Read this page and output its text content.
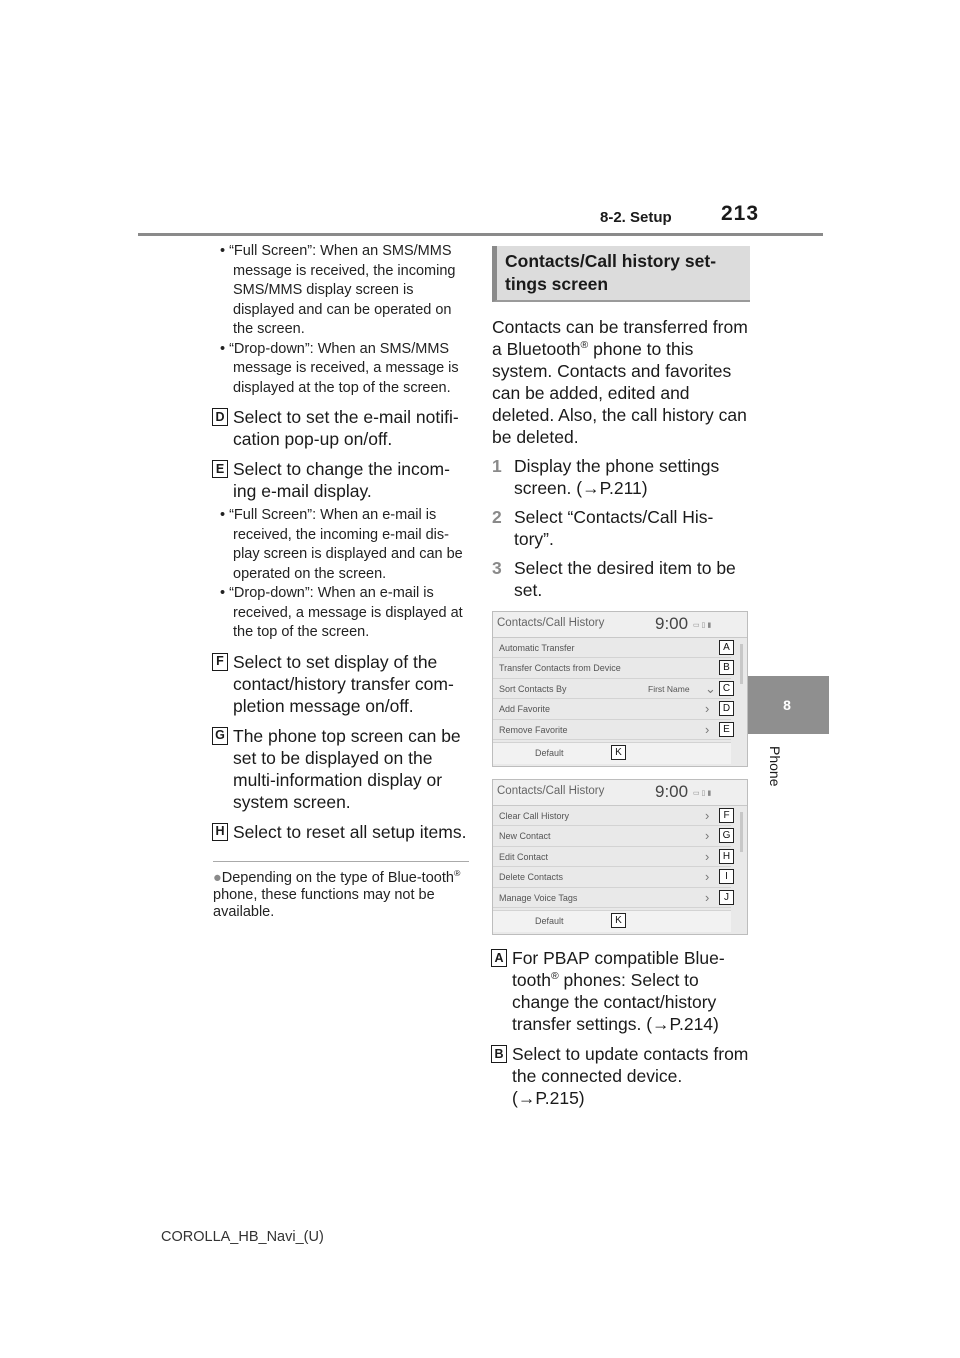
8-2. Setup 213
8
Phone
• “Full Screen”: When an SMS/MMS message is received, the incoming SMS/MMS display screen is displayed and can be operated on the screen.
• “Drop-down”: When an SMS/MMS message is received, a message is displayed at the top of the screen.
D Select to set the e-mail notifi-cation pop-up on/off.
E Select to change the incom-ing e-mail display.
• “Full Screen”: When an e-mail is received, the incoming e-mail dis-play screen is displayed and can be operated on the screen.
• “Drop-down”: When an e-mail is received, a message is displayed at the top of the screen.
F Select to set display of the contact/history transfer com-pletion message on/off.
G The phone top screen can be set to be displayed on the multi-information display or system screen.
H Select to reset all setup items.
●Depending on the type of Blue-tooth® phone, these functions may not be available.
Contacts/Call history set-tings screen
Contacts can be transferred from a Bluetooth® phone to this system. Contacts and favorites can be added, edited and deleted. Also, the call history can be deleted.
1 Display the phone settings screen. (→P.211)
2 Select “Contacts/Call His-tory”.
3 Select the desired item to be set.
Contacts/Call History	9:00 ▭ ▯ ▮
Automatic Transfer	A
Transfer Contacts from Device	B
Sort Contacts By	First Name ⌄ C
Add Favorite	›	D
Remove Favorite	›	E
Default	K
Contacts/Call History	9:00 ▭ ▯ ▮
Clear Call History	›	F
New Contact	›	G
Edit Contact	›	H
Delete Contacts	›	I
Manage Voice Tags	›	J
Default	K
A For PBAP compatible Blue-tooth® phones: Select to change the contact/history transfer settings. (→P.214)
B Select to update contacts from the connected device. (→P.215)
COROLLA_HB_Navi_(U)
